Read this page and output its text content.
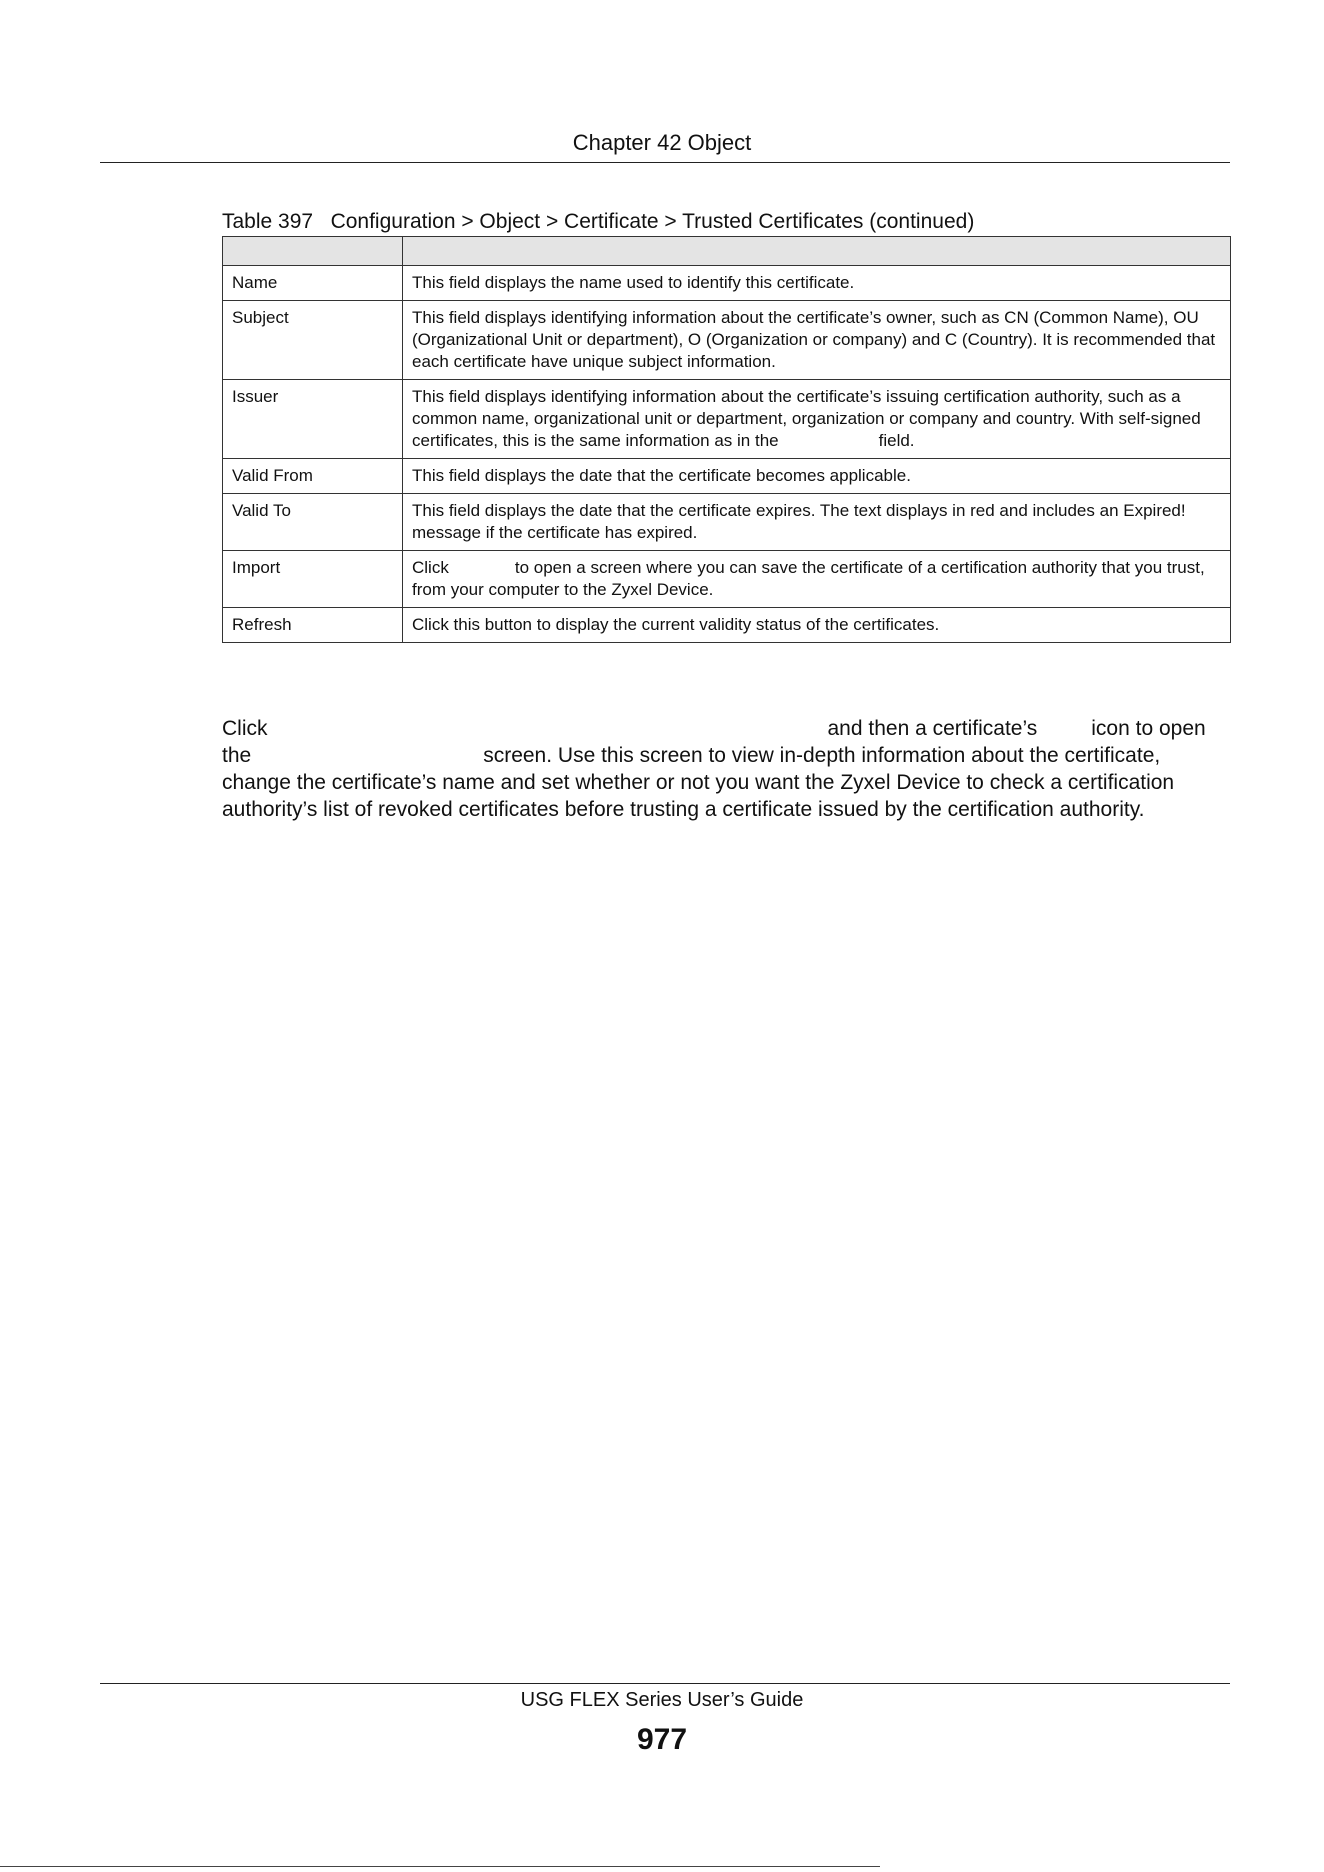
Chapter 42 Object
Table 397   Configuration > Object > Certificate > Trusted Certificates (continued)

Name	This field displays the name used to identify this certificate.
Subject	This field displays identifying information about the certificate’s owner, such as CN (Common Name), OU (Organizational Unit or department), O (Organization or company) and C (Country). It is recommended that each certificate have unique subject information.
Issuer	This field displays identifying information about the certificate’s issuing certification authority, such as a common name, organizational unit or department, organization or company and country. With self-signed certificates, this is the same information as in the field.
Valid From	This field displays the date that the certificate becomes applicable.
Valid To	This field displays the date that the certificate expires. The text displays in red and includes an Expired! message if the certificate has expired.
Import	Click to open a screen where you can save the certificate of a certification authority that you trust, from your computer to the Zyxel Device.
Refresh	Click this button to display the current validity status of the certificates.
Click	and then a certificate’s	icon to open the	screen. Use this screen to view in-depth information about the certificate, change the certificate’s name and set whether or not you want the Zyxel Device to check a certification authority’s list of revoked certificates before trusting a certificate issued by the certification authority.
USG FLEX Series User’s Guide
977
